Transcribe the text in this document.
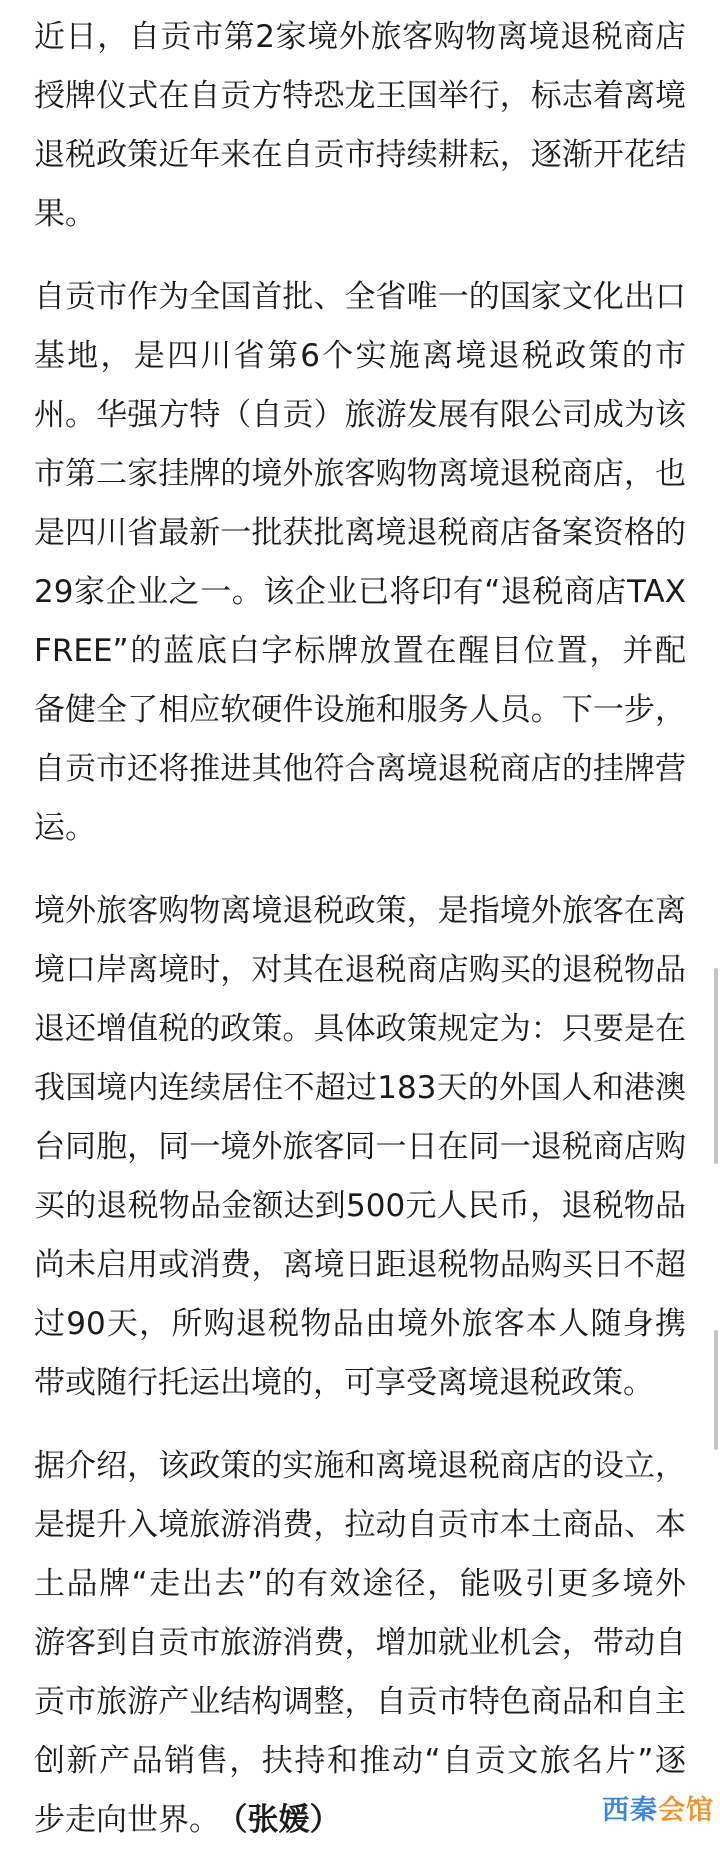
近日，自贡市第2家境外旅客购物离境退税商店授牌仪式在自贡方特恐龙王国举行，标志着离境退税政策近年来在自贡市持续耕耘，逐渐开花结果。

自贡市作为全国首批、全省唯一的国家文化出口基地，是四川省第6个实施离境退税政策的市州。华强方特（自贡）旅游发展有限公司成为该市第二家挂牌的境外旅客购物离境退税商店，也是四川省最新一批获批离境退税商店备案资格的29家企业之一。该企业已将印有“退税商店TAX FREE”的蓝底白字标牌放置在醒目位置，并配备健全了相应软硬件设施和服务人员。下一步，自贡市还将推进其他符合离境退税商店的挂牌营运。

境外旅客购物离境退税政策，是指境外旅客在离境口岸离境时，对其在退税商店购买的退税物品退还增值税的政策。具体政策规定为：只要是在我国境内连续居住不超过183天的外国人和港澳台同胞，同一境外旅客同一日在同一退税商店购买的退税物品金额达到500元人民币，退税物品尚未启用或消费，离境日距退税物品购买日不超过90天，所购退税物品由境外旅客本人随身携带或随行托运出境的，可享受离境退税政策。

据介绍，该政策的实施和离境退税商店的设立，是提升入境旅游消费，拉动自贡市本土商品、本土品牌“走出去”的有效途径，能吸引更多境外游客到自贡市旅游消费，增加就业机会，带动自贡市旅游产业结构调整，自贡市特色商品和自主创新产品销售，扶持和推动“自贡文旅名片”逐步走向世界。 （张媛）	西秦会馆
